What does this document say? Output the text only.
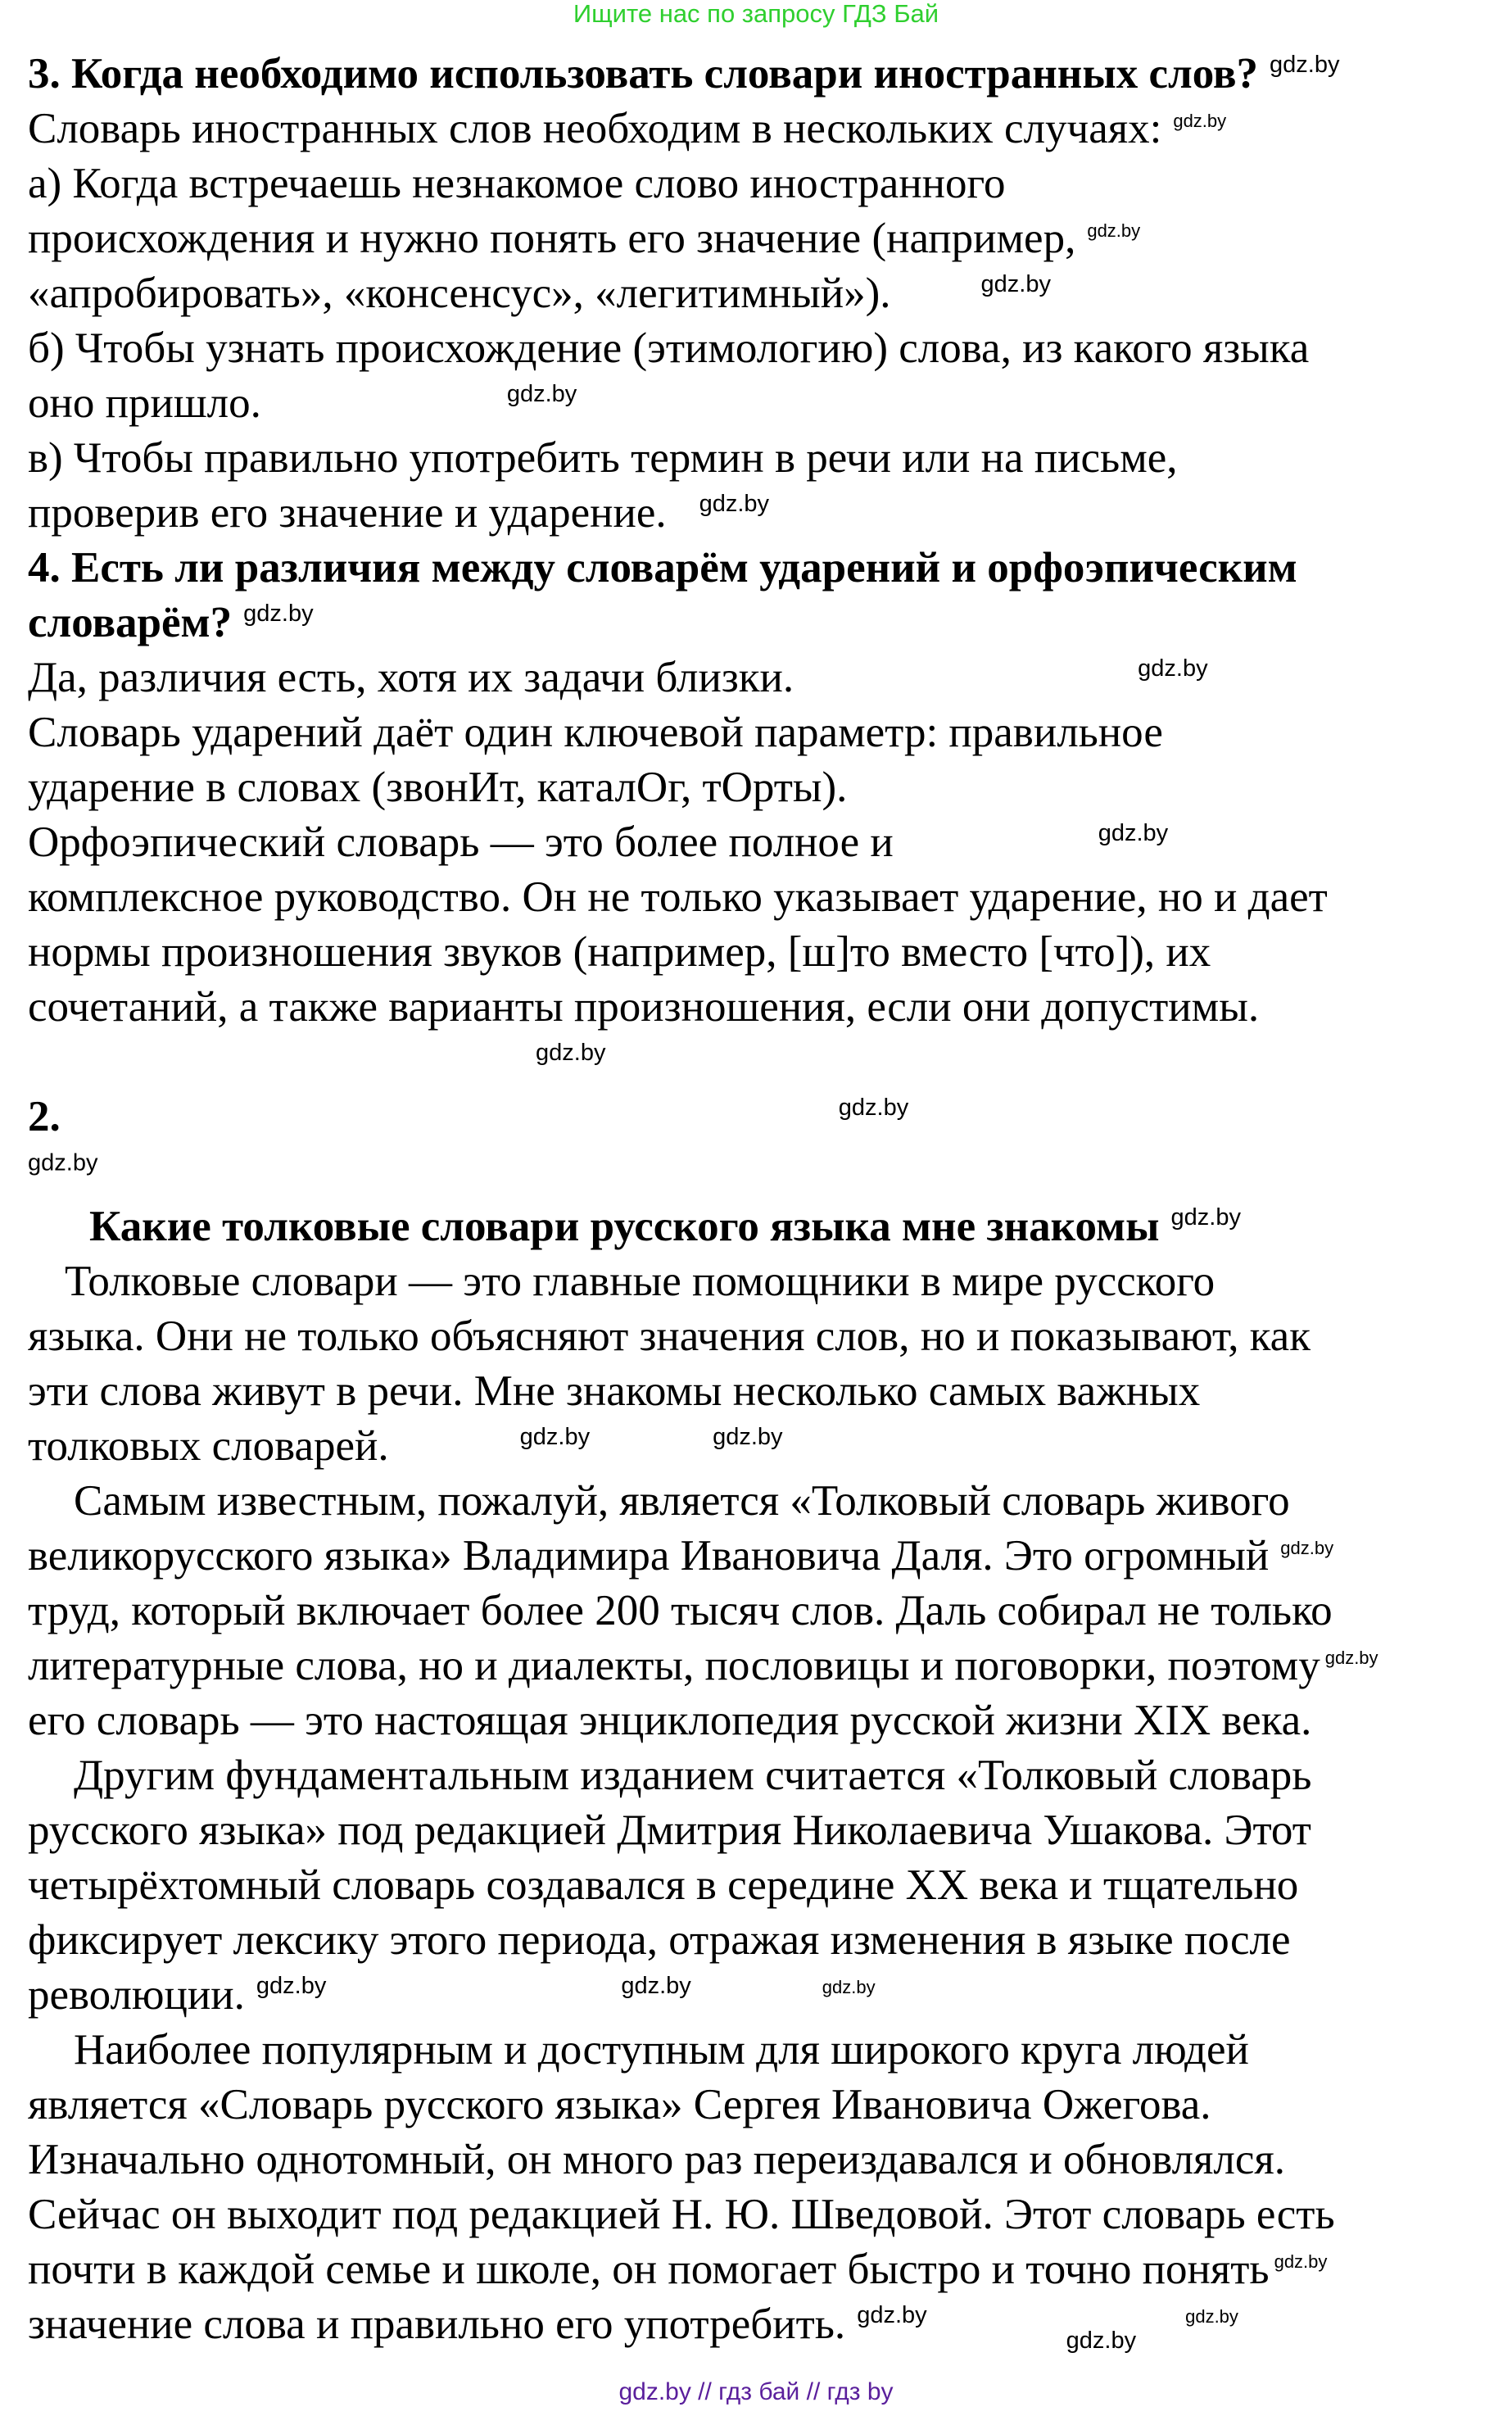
Ищите нас по запросу ГДЗ Бай
3. Когда необходимо использовать словари иностранных слов? $^{gdz.by}$
Словарь иностранных слов необходим в нескольких случаях: $^{gdz.by}$
а) Когда встречаешь незнакомое слово иностранного
происхождения и нужно понять его значение (например, $^{gdz.by}$
«апробировать», «консенсус», «легитимный»).	$^{gdz.by}$
б) Чтобы узнать происхождение (этимологию) слова, из какого языка
оно пришло.	$^{gdz.by}$
в) Чтобы правильно употребить термин в речи или на письме,
проверив его значение и ударение. $^{gdz.by}$
4. Есть ли различия между словарём ударений и орфоэпическим
словарём? $^{gdz.by}$
Да, различия есть, хотя их задачи близки.	$^{gdz.by}$
Словарь ударений даёт один ключевой параметр: правильное
ударение в словах (звонИт, каталОг, тОрты).
Орфоэпический словарь — это более полное и	$^{gdz.by}$
комплексное руководство. Он не только указывает ударение, но и дает
нормы произношения звуков (например, [ш]то вместо [что]), их
сочетаний, а также варианты произношения, если они допустимы.
$^{gdz.by}$
2.	$^{gdz.by}$
$^{gdz.by}$
Какие толковые словари русского языка мне знакомы $^{gdz.by}$
Толковые словари — это главные помощники в мире русского
языка. Они не только объясняют значения слов, но и показывают, как
эти слова живут в речи. Мне знакомы несколько самых важных
толковых словарей.	$^{gdz.by}$	$^{gdz.by}$
Самым известным, пожалуй, является «Толковый словарь живого
великорусского языка» Владимира Ивановича Даля. Это огромный $^{gdz.by}$
труд, который включает более 200 тысяч слов. Даль собирал не только
литературные слова, но и диалекты, пословицы и поговорки, поэтому $^{gdz.by}$
его словарь — это настоящая энциклопедия русской жизни XIX века.
Другим фундаментальным изданием считается «Толковый словарь
русского языка» под редакцией Дмитрия Николаевича Ушакова. Этот
четырёхтомный словарь создавался в середине XX века и тщательно
фиксирует лексику этого периода, отражая изменения в языке после
революции. $^{gdz.by}$	$^{gdz.by}$	$^{gdz.by}$
Наиболее популярным и доступным для широкого круга людей
является «Словарь русского языка» Сергея Ивановича Ожегова.
Изначально однотомный, он много раз переиздавался и обновлялся.
Сейчас он выходит под редакцией Н. Ю. Шведовой. Этот словарь есть
почти в каждой семье и школе, он помогает быстро и точно понять $^{gdz.by}$
значение слова и правильно его употребить. $^{gdz.by}_{gdz.by}^{gdz.by}$
gdz.by // гдз бай // гдз by
